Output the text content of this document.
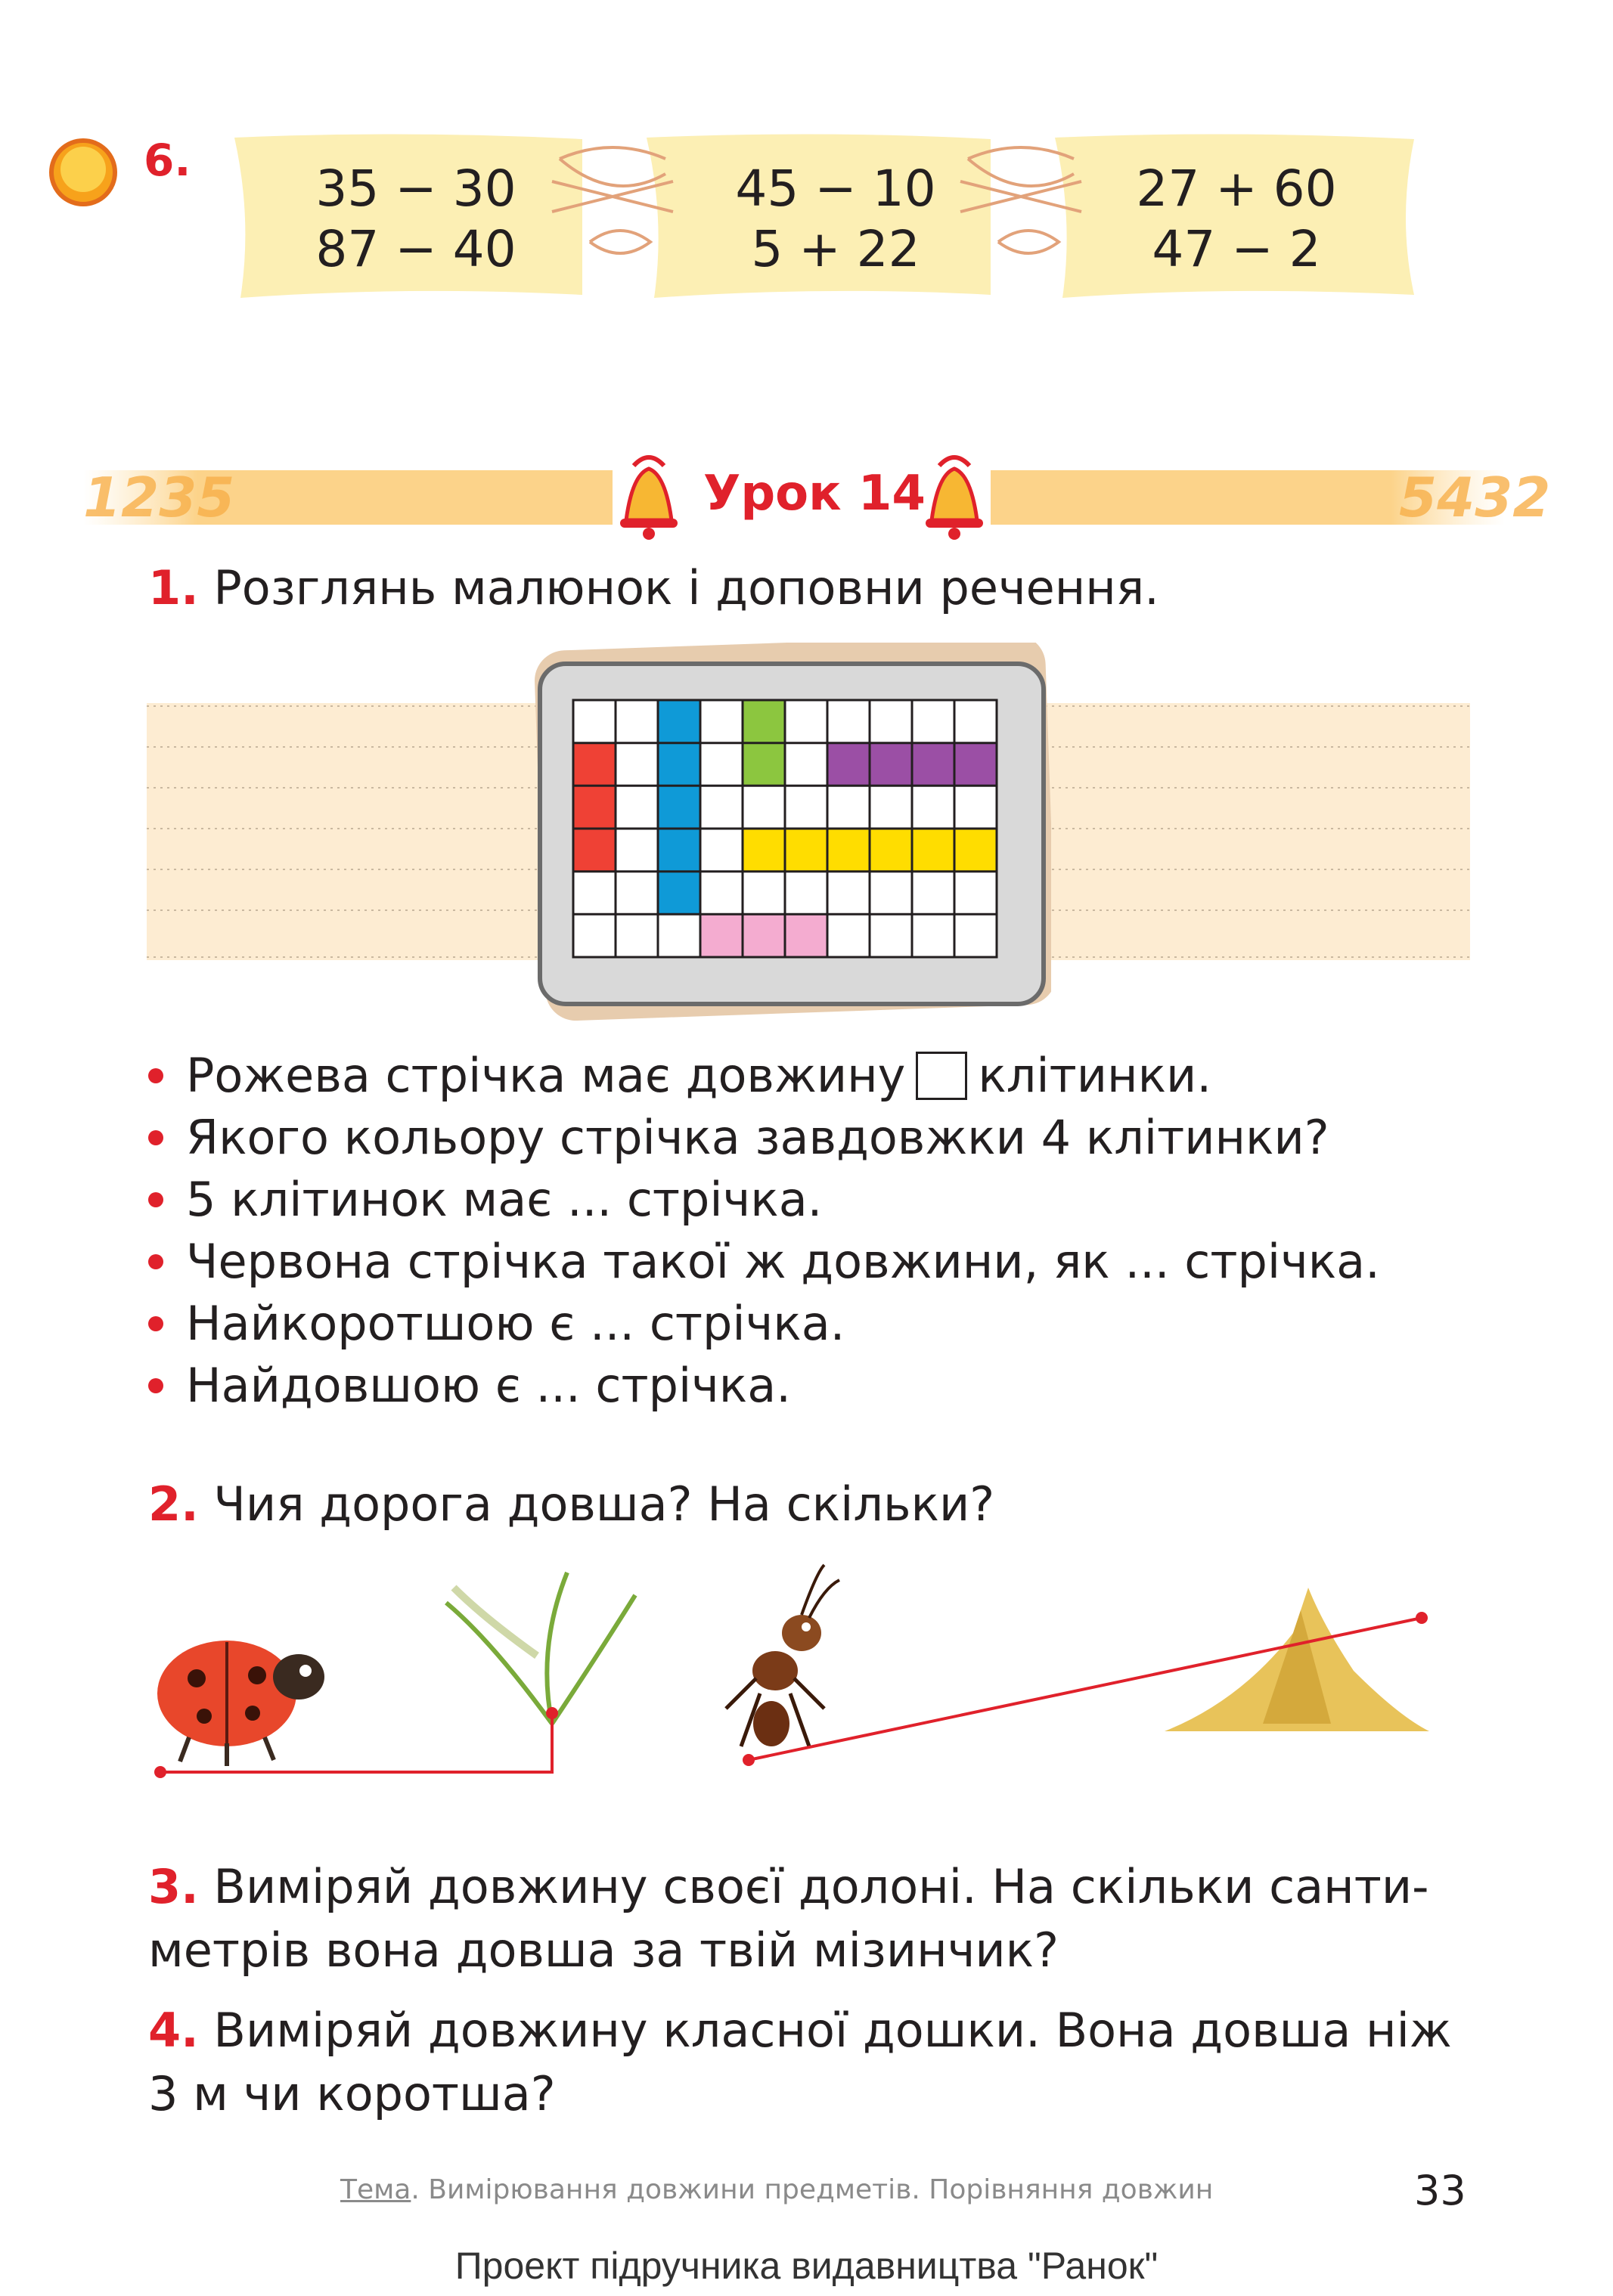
6.	35 − 30
87 − 40
45 − 10
5 + 22
27 + 60
47 − 2
1235	5432
Урок 14
1. Розглянь малюнок і доповни речення.
Рожева стрічка має довжину клітинки.
Якого кольору стрічка завдовжки 4 клітинки?
5 клітинок має ... стрічка.
Червона стрічка такої ж довжини, як ... стрічка.
Найкоротшою є ... стрічка.
Найдовшою є ... стрічка.
2. Чия дорога довша? На скільки?
3. Виміряй довжину своєї долоні. На скільки санти-
метрів вона довша за твій мізинчик?
4. Виміряй довжину класної дошки. Вона довша ніж
3 м чи коротша?
Тема. Вимірювання довжини предметів. Порівняння довжин	33
Проект підручника видавництва "Ранок"
